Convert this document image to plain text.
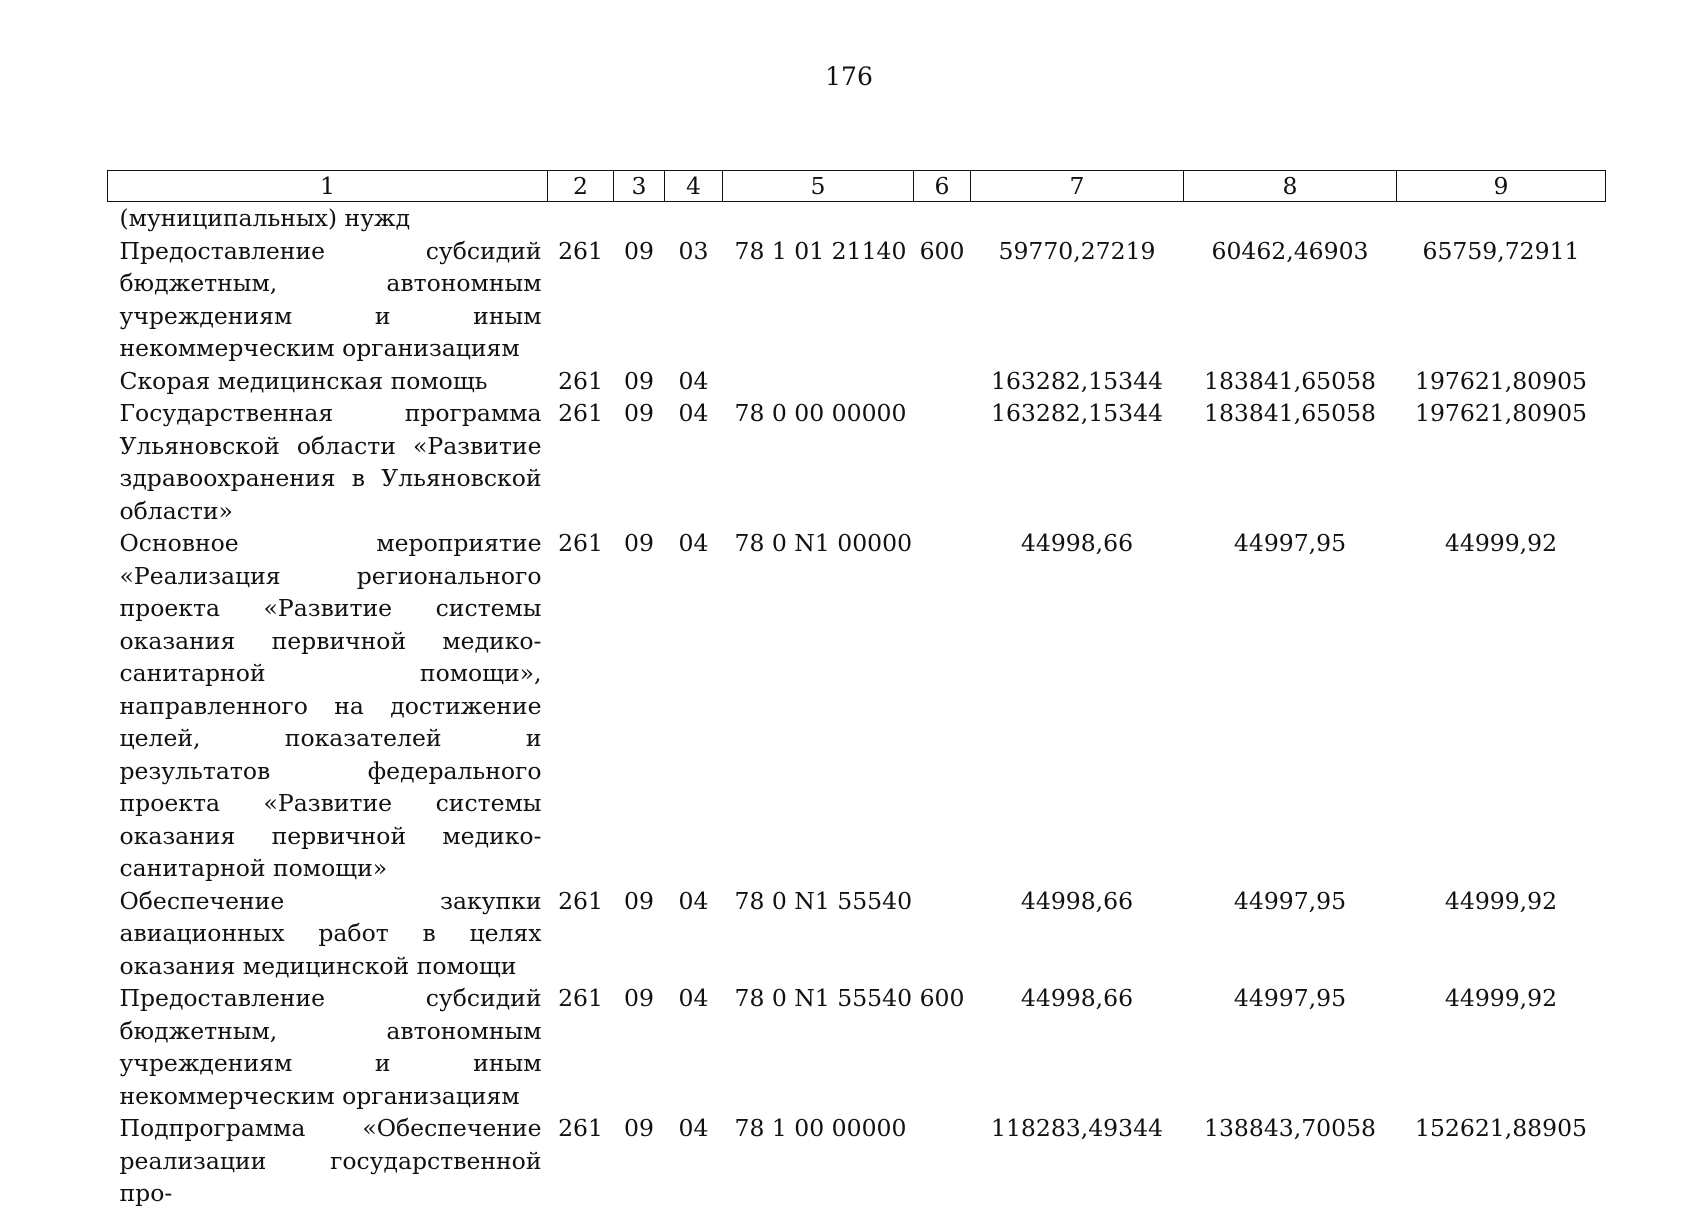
176
1	2	3	4	5	6	7	8	9
(муниципальных) нужд								
Предоставление субсидий бюджетным, автономным учреждениям и иным некоммерческим организациям	261	09	03	78 1 01 21140	600	59770,27219	60462,46903	65759,72911
Скорая медицинская помощь	261	09	04			163282,15344	183841,65058	197621,80905
Государственная программа Ульяновской области «Развитие здравоохранения в Ульяновской области»	261	09	04	78 0 00 00000		163282,15344	183841,65058	197621,80905
Основное мероприятие «Реализация регионального проекта «Развитие системы оказания первичной медико-санитарной помощи», направленного на достижение целей, показателей и результатов федерального проекта «Развитие системы оказания первичной медико-санитарной помощи»	261	09	04	78 0 N1 00000		44998,66	44997,95	44999,92
Обеспечение закупки авиационных работ в целях оказания медицинской помощи	261	09	04	78 0 N1 55540		44998,66	44997,95	44999,92
Предоставление субсидий бюджетным, автономным учреждениям и иным некоммерческим организациям	261	09	04	78 0 N1 55540	600	44998,66	44997,95	44999,92
Подпрограмма «Обеспечение реализации государственной про-	261	09	04	78 1 00 00000		118283,49344	138843,70058	152621,88905
